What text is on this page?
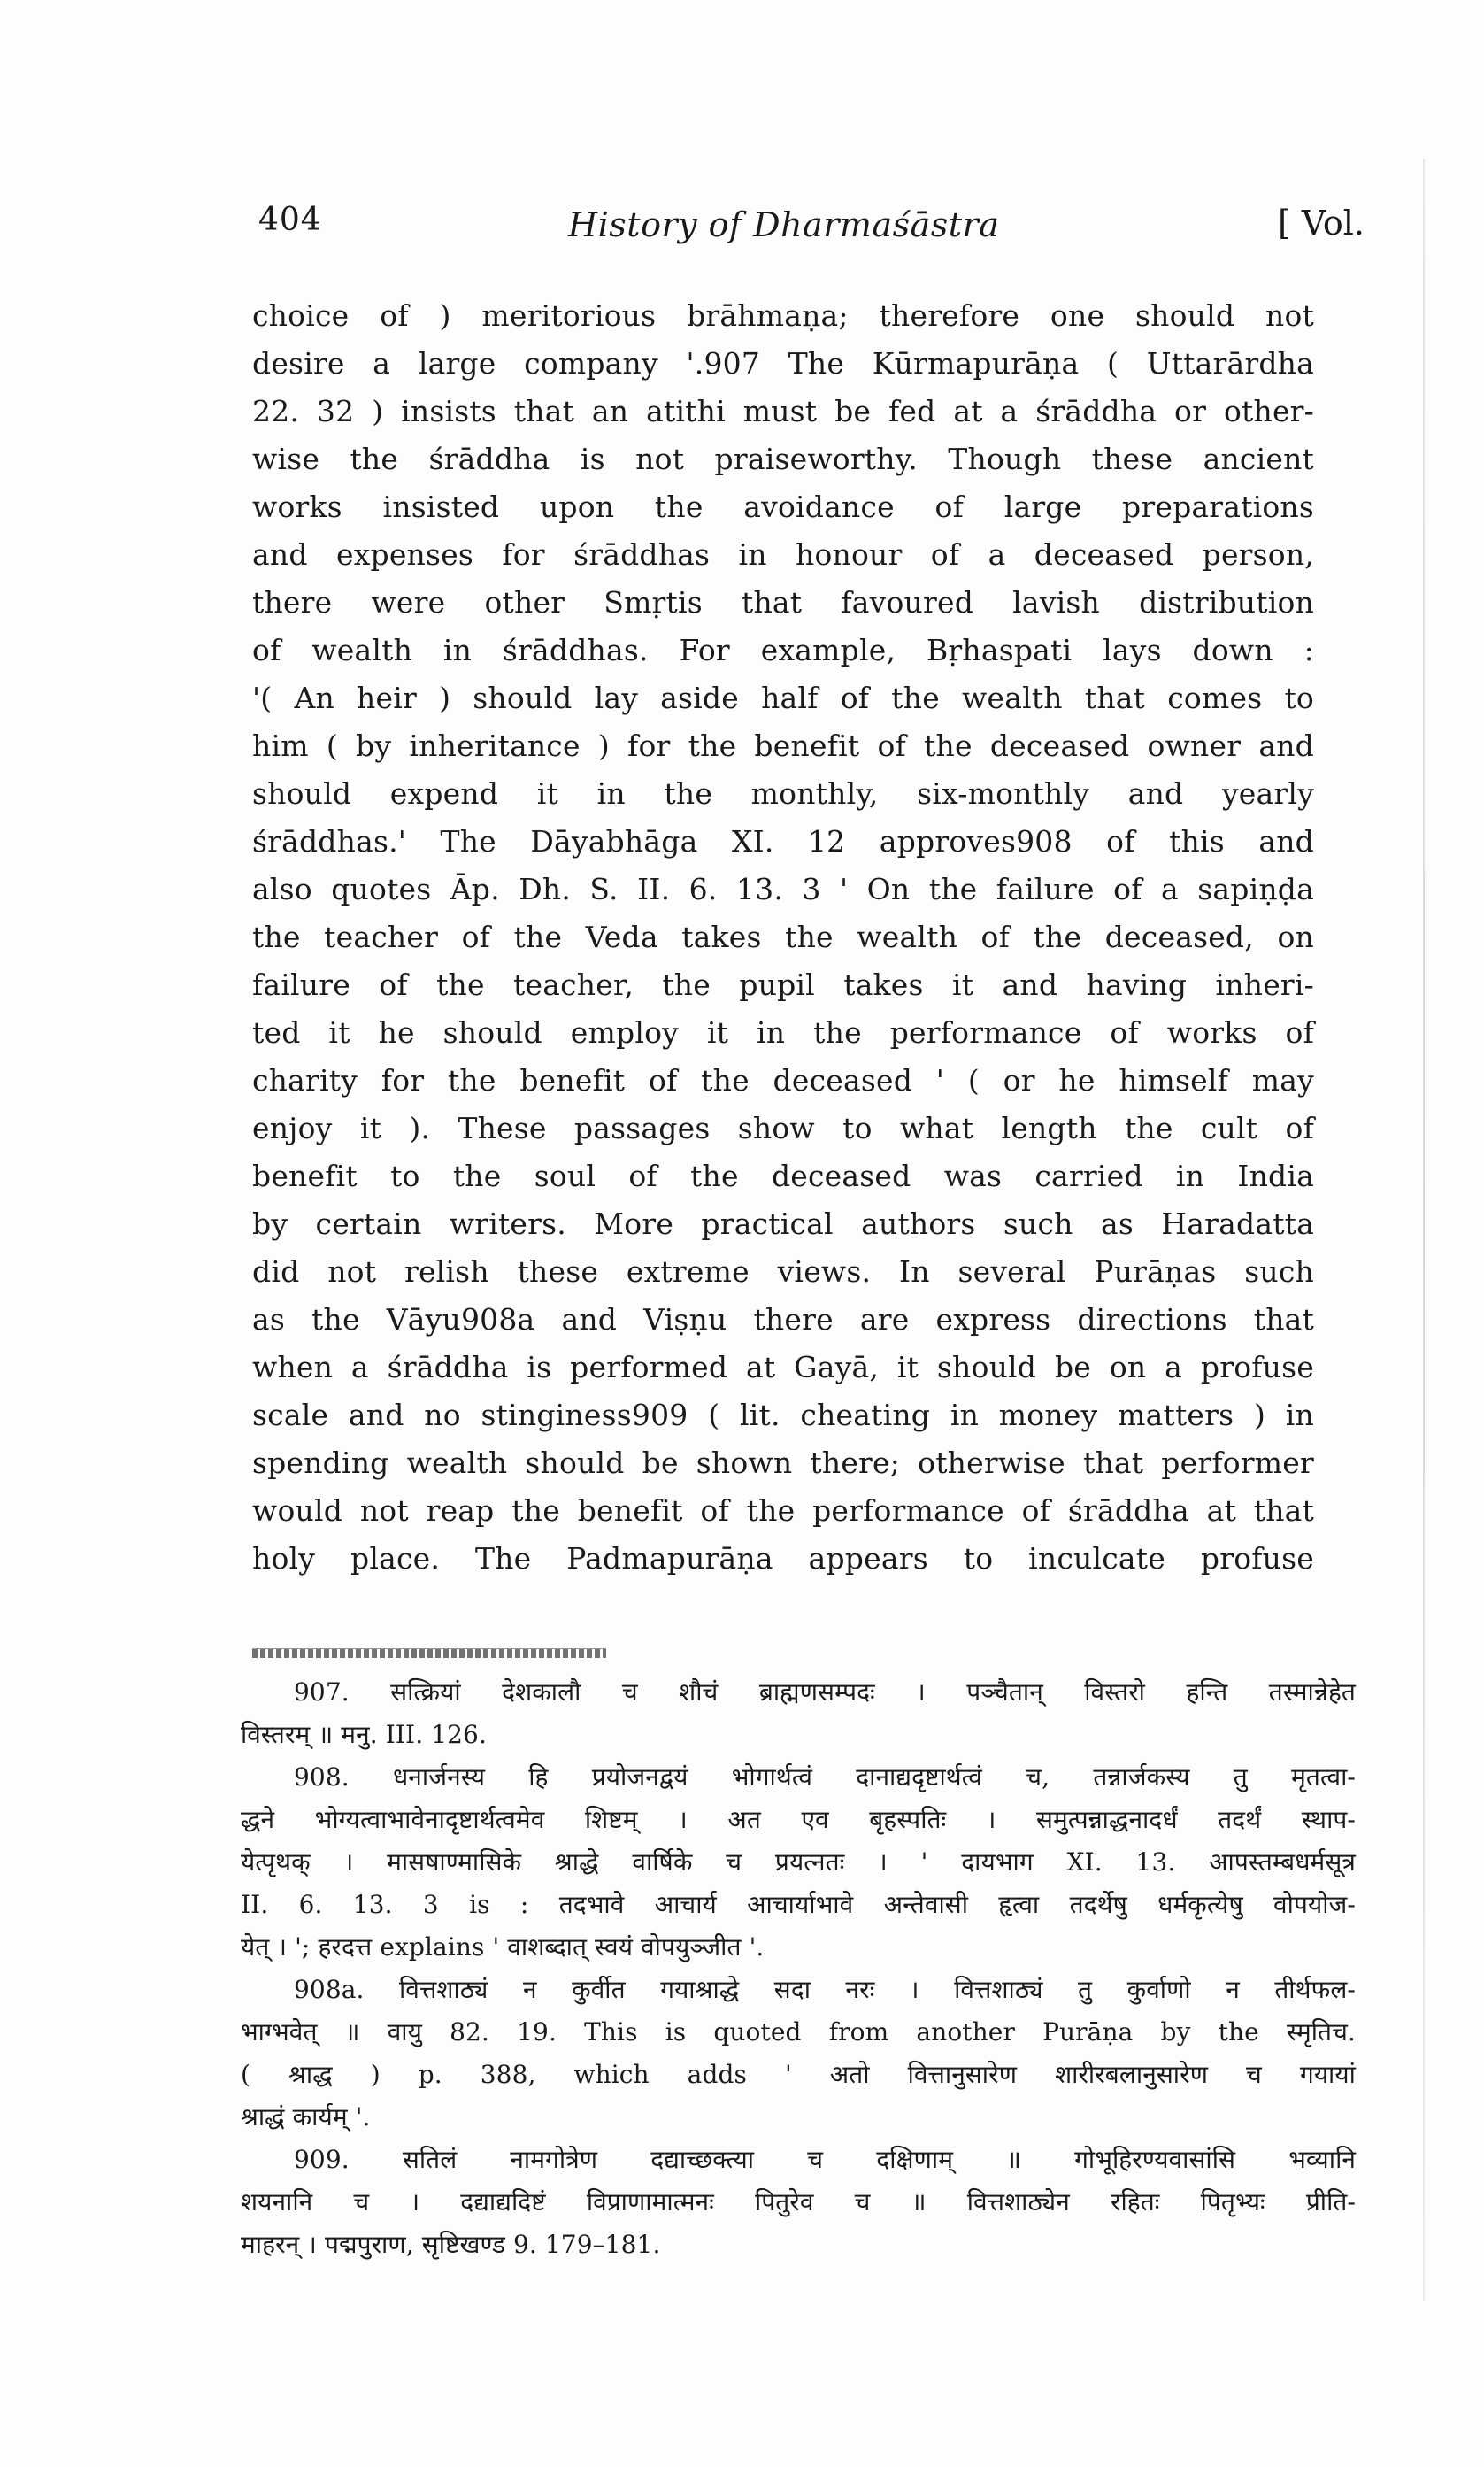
404	History of Dharmaśāstra	[ Vol.
choice of ) meritorious brāhmaṇa; therefore one should not
desire a large company '.907 The Kūrmapurāṇa ( Uttarārdha
22. 32 ) insists that an atithi must be fed at a śrāddha or other-
wise the śrāddha is not praiseworthy. Though these ancient
works insisted upon the avoidance of large preparations
and expenses for śrāddhas in honour of a deceased person,
there were other Smṛtis that favoured lavish distribution
of wealth in śrāddhas. For example, Bṛhaspati lays down :
'( An heir ) should lay aside half of the wealth that comes to
him ( by inheritance ) for the benefit of the deceased owner and
should expend it in the monthly, six-monthly and yearly
śrāddhas.' The Dāyabhāga XI. 12 approves908 of this and
also quotes Āp. Dh. S. II. 6. 13. 3 ' On the failure of a sapiṇḍa
the teacher of the Veda takes the wealth of the deceased, on
failure of the teacher, the pupil takes it and having inheri-
ted it he should employ it in the performance of works of
charity for the benefit of the deceased ' ( or he himself may
enjoy it ). These passages show to what length the cult of
benefit to the soul of the deceased was carried in India
by certain writers. More practical authors such as Haradatta
did not relish these extreme views. In several Purāṇas such
as the Vāyu908a and Viṣṇu there are express directions that
when a śrāddha is performed at Gayā, it should be on a profuse
scale and no stinginess909 ( lit. cheating in money matters ) in
spending wealth should be shown there; otherwise that performer
would not reap the benefit of the performance of śrāddha at that
holy place. The Padmapurāṇa appears to inculcate profuse
907. सत्क्रियां देशकालौ च शौचं ब्राह्मणसम्पदः । पञ्चैतान् विस्तरो हन्ति तस्मान्नेहेत
विस्तरम् ॥ मनु. III. 126.
908. धनार्जनस्य हि प्रयोजनद्वयं भोगार्थत्वं दानाद्यदृष्टार्थत्वं च, तन्नार्जकस्य तु मृतत्वा-
द्धने भोग्यत्वाभावेनादृष्टार्थत्वमेव शिष्टम् । अत एव बृहस्पतिः । समुत्पन्नाद्धनादर्धं तदर्थं स्थाप-
येत्पृथक् । मासषाण्मासिके श्राद्धे वार्षिके च प्रयत्नतः । ' दायभाग XI. 13. आपस्तम्बधर्मसूत्र
II. 6. 13. 3 is : तदभावे आचार्य आचार्याभावे अन्तेवासी हृत्वा तदर्थेषु धर्मकृत्येषु वोपयोज-
येत् । '; हरदत्त explains ' वाशब्दात् स्वयं वोपयुञ्जीत '.
908a. वित्तशाठ्यं न कुर्वीत गयाश्राद्धे सदा नरः । वित्तशाठ्यं तु कुर्वाणो न तीर्थफल-
भाग्भवेत् ॥ वायु 82. 19. This is quoted from another Purāṇa by the स्मृतिच.
( श्राद्ध ) p. 388, which adds ' अतो वित्तानुसारेण शारीरबलानुसारेण च गयायां
श्राद्धं कार्यम् '.
909. सतिलं नामगोत्रेण दद्याच्छक्त्या च दक्षिणाम् ॥ गोभूहिरण्यवासांसि भव्यानि
शयनानि च । दद्याद्यदिष्टं विप्राणामात्मनः पितुरेव च ॥ वित्तशाठ्येन रहितः पितृभ्यः प्रीति-
माहरन् । पद्मपुराण, सृष्टिखण्ड 9. 179–181.
